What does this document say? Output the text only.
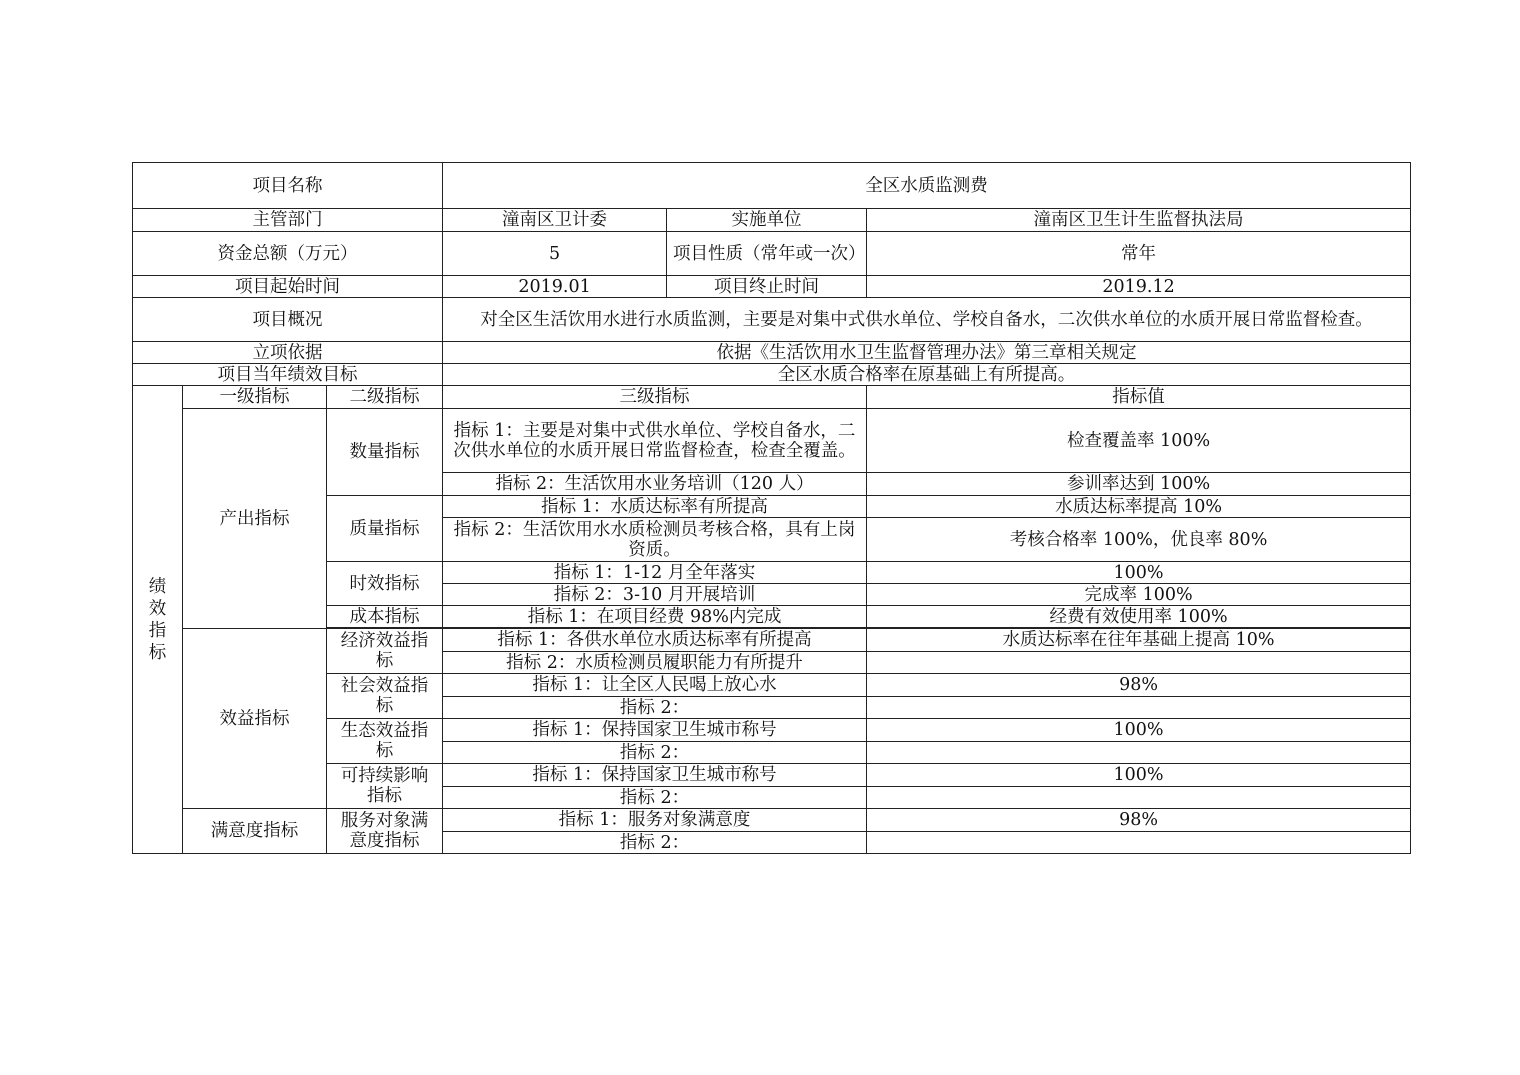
项目名称			全区水质监测费		
主管部门			潼南区卫计委	实施单位	潼南区卫生计生监督执法局
资金总额（万元）			5	项目性质（常年或一次）	常年
项目起始时间			2019.01	项目终止时间	2019.12
项目概况			对全区生活饮用水进行水质监测，主要是对集中式供水单位、学校自备水，二次供水单位的水质开展日常监督检查。		
立项依据			依据《生活饮用水卫生监督管理办法》第三章相关规定		
项目当年绩效目标			全区水质合格率在原基础上有所提高。		
绩效指标	一级指标	二级指标	三级指标		指标值
	产出指标	数量指标	指标 1：主要是对集中式供水单位、学校自备水，二次供水单位的水质开展日常监督检查，检查全覆盖。		检查覆盖率 100%
			指标 2：生活饮用水业务培训（120 人）		参训率达到 100%
		质量指标	指标 1：水质达标率有所提高		水质达标率提高 10%
			指标 2：生活饮用水水质检测员考核合格，具有上岗资质。		考核合格率 100%，优良率 80%
		时效指标	指标 1：1-12 月全年落实		100%
			指标 2：3-10 月开展培训		完成率 100%
		成本指标	指标 1：在项目经费 98%内完成		经费有效使用率 100%

	效益指标	经济效益指标	指标 1：各供水单位水质达标率有所提高		水质达标率在往年基础上提高 10%
			指标 2：水质检测员履职能力有所提升		
		社会效益指标	指标 1：让全区人民喝上放心水		98%
			指标 2：		
		生态效益指标	指标 1：保持国家卫生城市称号		100%
			指标 2：		
		可持续影响指标	指标 1：保持国家卫生城市称号		100%
			指标 2：		
	满意度指标	服务对象满意度指标	指标 1：服务对象满意度		98%
			指标 2：		
